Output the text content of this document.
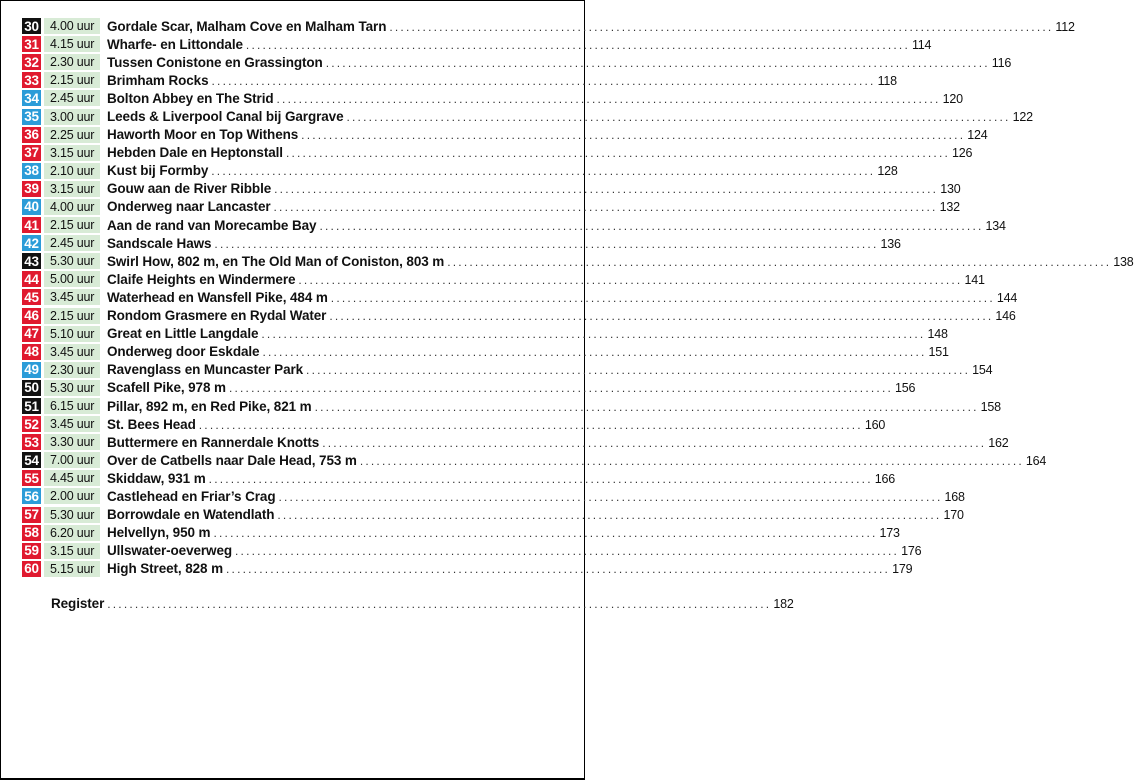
30 4.00 uur Gordale Scar, Malham Cove en Malham Tarn ........................................................................................................................ 112
31 4.15 uur Wharfe- en Littondale ........................................................................................................................ 114
32 2.30 uur Tussen Conistone en Grassington ........................................................................................................................ 116
33 2.15 uur Brimham Rocks ........................................................................................................................ 118
34 2.45 uur Bolton Abbey en The Strid ........................................................................................................................ 120
35 3.00 uur Leeds & Liverpool Canal bij Gargrave ........................................................................................................................ 122
36 2.25 uur Haworth Moor en Top Withens ........................................................................................................................ 124
37 3.15 uur Hebden Dale en Heptonstall ........................................................................................................................ 126
38 2.10 uur Kust bij Formby ........................................................................................................................ 128
39 3.15 uur Gouw aan de River Ribble ........................................................................................................................ 130
40 4.00 uur Onderweg naar Lancaster ........................................................................................................................ 132
41 2.15 uur Aan de rand van Morecambe Bay ........................................................................................................................ 134
42 2.45 uur Sandscale Haws ........................................................................................................................ 136
43 5.30 uur Swirl How, 802 m, en The Old Man of Coniston, 803 m ........................................................................................................................ 138
44 5.00 uur Claife Heights en Windermere ........................................................................................................................ 141
45 3.45 uur Waterhead en Wansfell Pike, 484 m ........................................................................................................................ 144
46 2.15 uur Rondom Grasmere en Rydal Water ........................................................................................................................ 146
47 5.10 uur Great en Little Langdale ........................................................................................................................ 148
48 3.45 uur Onderweg door Eskdale ........................................................................................................................ 151
49 2.30 uur Ravenglass en Muncaster Park ........................................................................................................................ 154
50 5.30 uur Scafell Pike, 978 m ........................................................................................................................ 156
51 6.15 uur Pillar, 892 m, en Red Pike, 821 m ........................................................................................................................ 158
52 3.45 uur St. Bees Head ........................................................................................................................ 160
53 3.30 uur Buttermere en Rannerdale Knotts ........................................................................................................................ 162
54 7.00 uur Over de Catbells naar Dale Head, 753 m ........................................................................................................................ 164
55 4.45 uur Skiddaw, 931 m ........................................................................................................................ 166
56 2.00 uur Castlehead en Friar’s Crag ........................................................................................................................ 168
57 5.30 uur Borrowdale en Watendlath ........................................................................................................................ 170
58 6.20 uur Helvellyn, 950 m ........................................................................................................................ 173
59 3.15 uur Ullswater-oeverweg ........................................................................................................................ 176
60 5.15 uur High Street, 828 m ........................................................................................................................ 179
Register ........................................................................................................................ 182
